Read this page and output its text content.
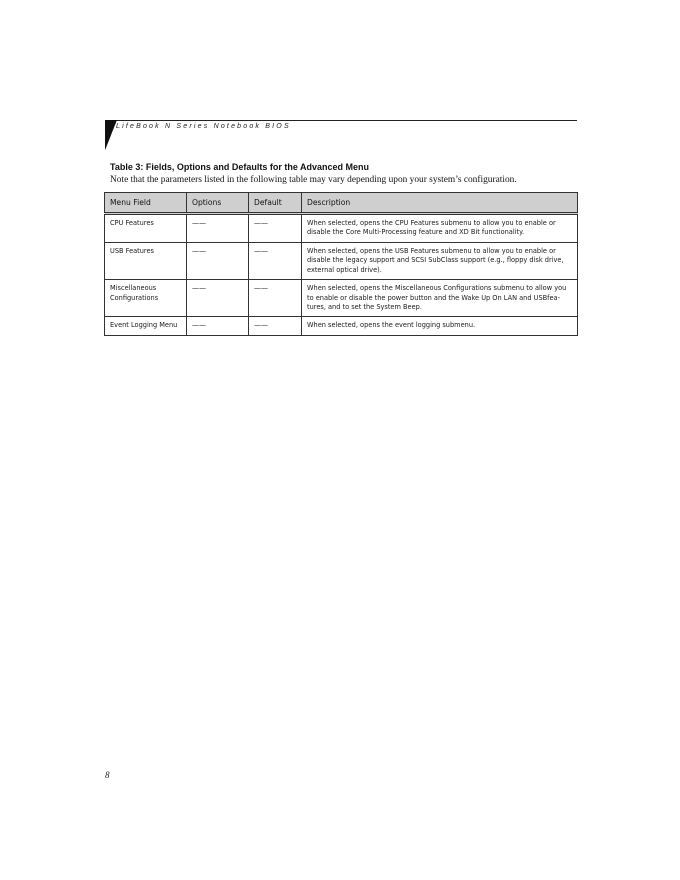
LifeBook N Series Notebook BIOS
Table 3: Fields, Options and Defaults for the Advanced Menu
Note that the parameters listed in the following table may vary depending upon your system’s configuration.
Menu Field	Options	Default	Description
CPU Features	——	——	When selected, opens the CPU Features submenu to allow you to enable or disable the Core Multi-Processing feature and XD Bit functionality.
USB Features	——	——	When selected, opens the USB Features submenu to allow you to enable or disable the legacy support and SCSI SubClass support (e.g., floppy disk drive, external optical drive).
Miscellaneous Configurations	——	——	When selected, opens the Miscellaneous Configurations submenu to allow you to enable or disable the power button and the Wake Up On LAN and USBfea-tures, and to set the System Beep.
Event Logging Menu	——	——	When selected, opens the event logging submenu.
8
